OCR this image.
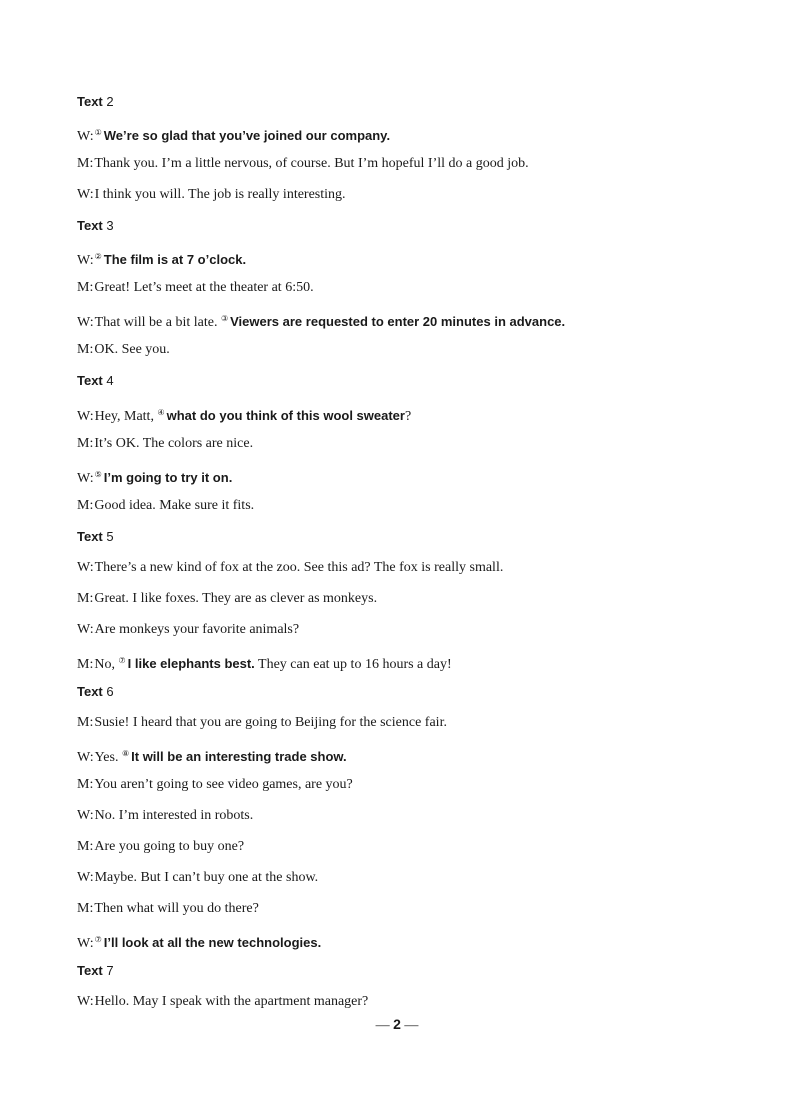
Text 2
W:① We’re so glad that you’ve joined our company.
M:Thank you. I’m a little nervous, of course. But I’m hopeful I’ll do a good job.
W:I think you will. The job is really interesting.
Text 3
W:② The film is at 7 o’clock.
M:Great! Let’s meet at the theater at 6:50.
W:That will be a bit late. ③ Viewers are requested to enter 20 minutes in advance.
M:OK. See you.
Text 4
W:Hey, Matt, ④ what do you think of this wool sweater?
M:It’s OK. The colors are nice.
W:⑤ I’m going to try it on.
M:Good idea. Make sure it fits.
Text 5
W:There’s a new kind of fox at the zoo. See this ad? The fox is really small.
M:Great. I like foxes. They are as clever as monkeys.
W:Are monkeys your favorite animals?
M:No, ⑦ I like elephants best. They can eat up to 16 hours a day!
Text 6
M:Susie! I heard that you are going to Beijing for the science fair.
W:Yes. ⑧ It will be an interesting trade show.
M:You aren’t going to see video games, are you?
W:No. I’m interested in robots.
M:Are you going to buy one?
W:Maybe. But I can’t buy one at the show.
M:Then what will you do there?
W:⑦ I’ll look at all the new technologies.
Text 7
W:Hello. May I speak with the apartment manager?
— 2 —
